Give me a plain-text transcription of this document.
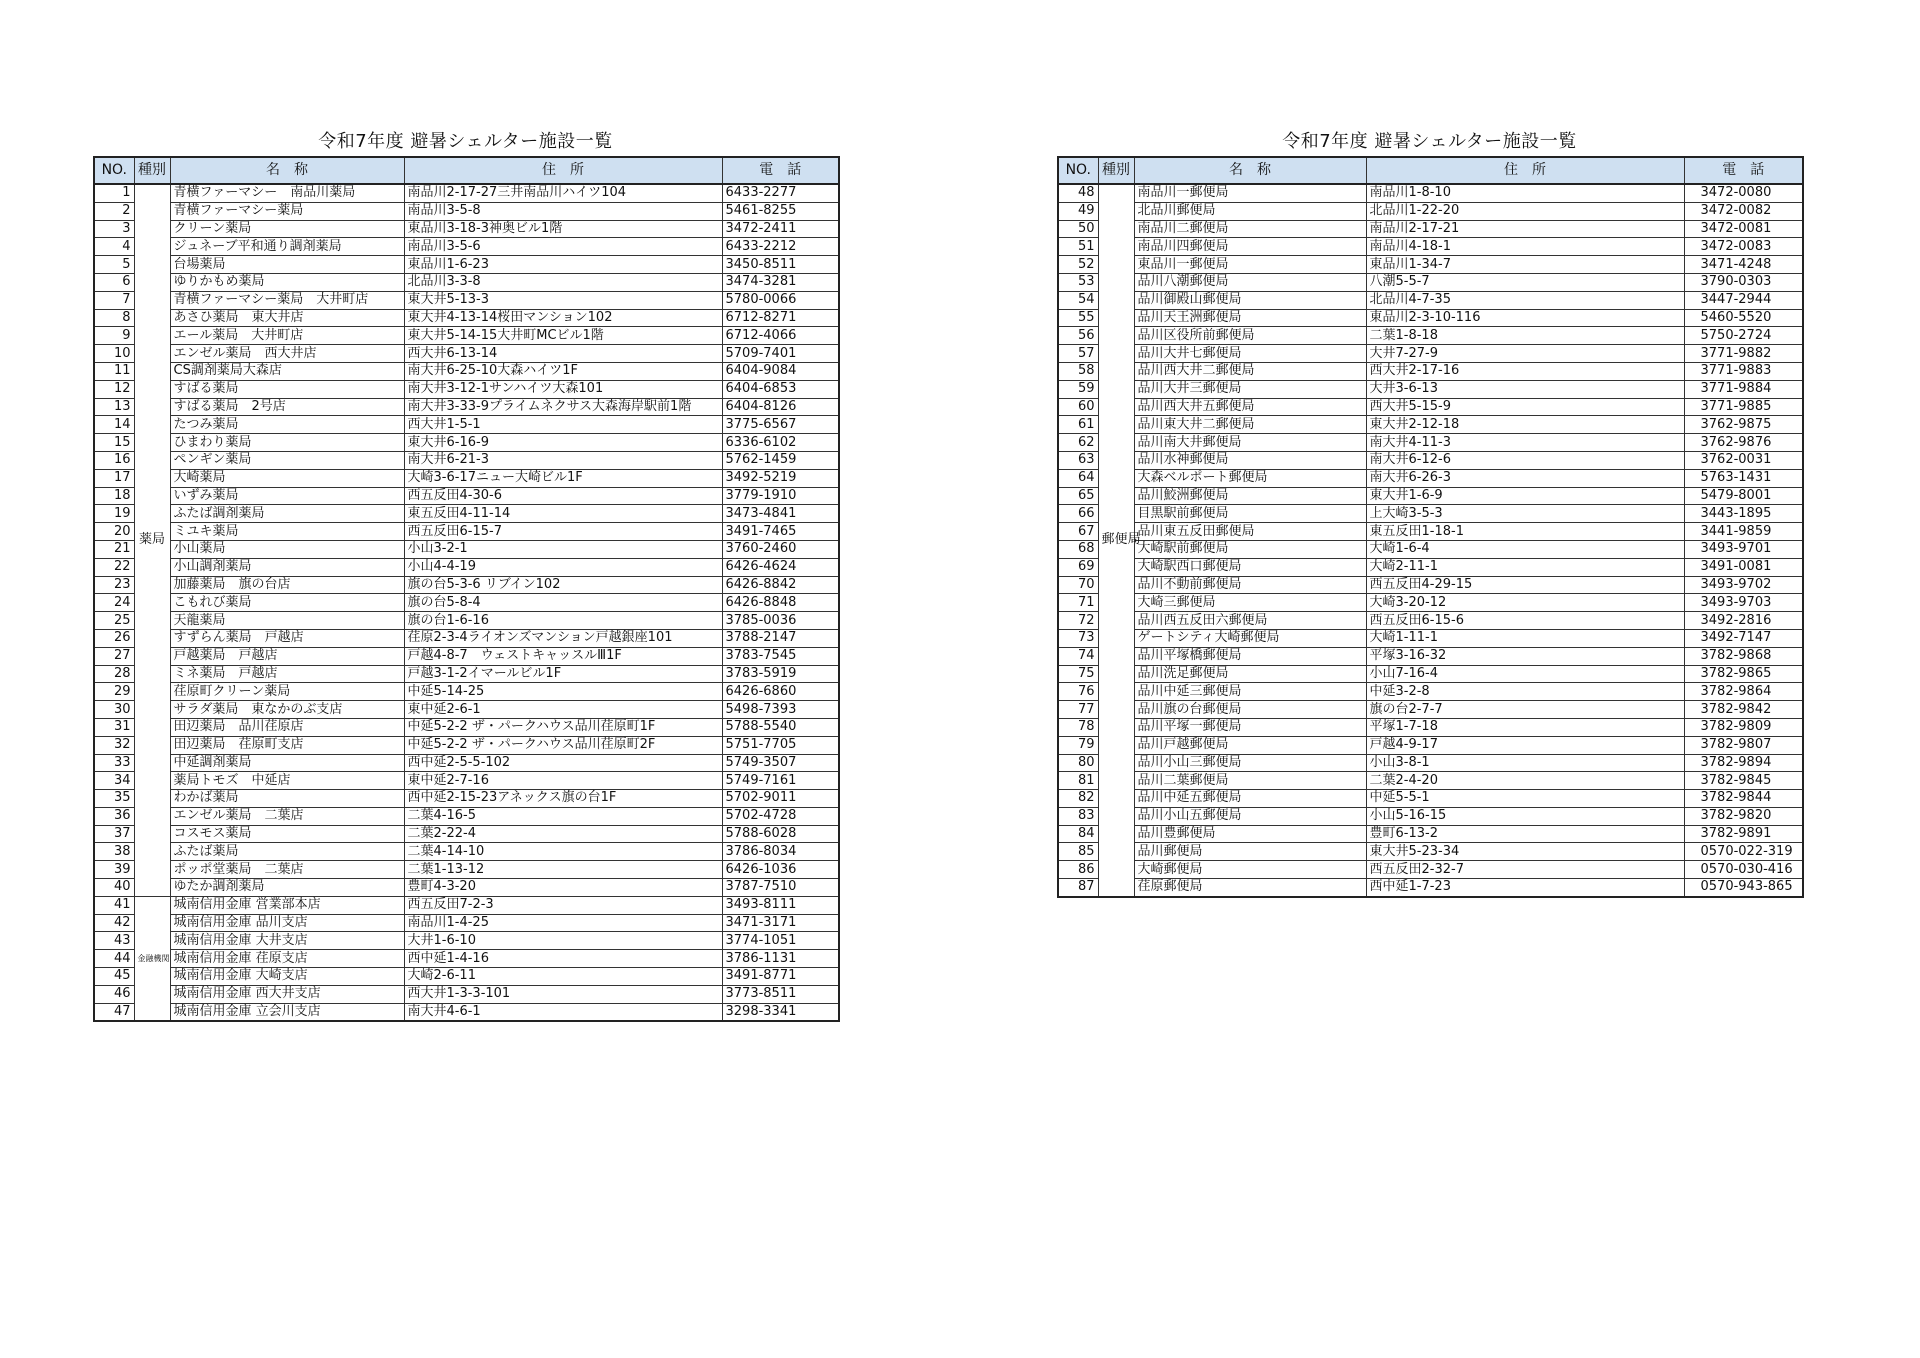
令和7年度 避暑シェルター施設一覧
NO.	種別	名　称	住　所	電　話
1	薬局	青横ファーマシー　南品川薬局	南品川2-17-27三井南品川ハイツ104	6433-2277
2		青横ファーマシー薬局	南品川3-5-8	5461-8255
3		クリーン薬局	東品川3-18-3神奥ビル1階	3472-2411
4		ジュネーブ平和通り調剤薬局	南品川3-5-6	6433-2212
5		台場薬局	東品川1-6-23	3450-8511
6		ゆりかもめ薬局	北品川3-3-8	3474-3281
7		青横ファーマシー薬局　大井町店	東大井5-13-3	5780-0066
8		あさひ薬局　東大井店	東大井4-13-14桜田マンション102	6712-8271
9		エール薬局　大井町店	東大井5-14-15大井町MCビル1階	6712-4066
10		エンゼル薬局　西大井店	西大井6-13-14	5709-7401
11		CS調剤薬局大森店	南大井6-25-10大森ハイツ1F	6404-9084
12		すばる薬局	南大井3-12-1サンハイツ大森101	6404-6853
13		すばる薬局　2号店	南大井3-33-9プライムネクサス大森海岸駅前1階	6404-8126
14		たつみ薬局	西大井1-5-1	3775-6567
15		ひまわり薬局	東大井6-16-9	6336-6102
16		ペンギン薬局	南大井6-21-3	5762-1459
17		大崎薬局	大崎3-6-17ニュー大崎ビル1F	3492-5219
18		いずみ薬局	西五反田4-30-6	3779-1910
19		ふたば調剤薬局	東五反田4-11-14	3473-4841
20		ミユキ薬局	西五反田6-15-7	3491-7465
21		小山薬局	小山3-2-1	3760-2460
22		小山調剤薬局	小山4-4-19	6426-4624
23		加藤薬局　旗の台店	旗の台5-3-6 リブイン102	6426-8842
24		こもれび薬局	旗の台5-8-4	6426-8848
25		天龍薬局	旗の台1-6-16	3785-0036
26		すずらん薬局　戸越店	荏原2-3-4ライオンズマンション戸越銀座101	3788-2147
27		戸越薬局　戸越店	戸越4-8-7　ウェストキャッスルⅢ1F	3783-7545
28		ミネ薬局　戸越店	戸越3-1-2イマールビル1F	3783-5919
29		荏原町クリーン薬局	中延5-14-25	6426-6860
30		サラダ薬局　東なかのぶ支店	東中延2-6-1	5498-7393
31		田辺薬局　品川荏原店	中延5-2-2 ザ・パークハウス品川荏原町1F	5788-5540
32		田辺薬局　荏原町支店	中延5-2-2 ザ・パークハウス品川荏原町2F	5751-7705
33		中延調剤薬局	西中延2-5-5-102	5749-3507
34		薬局トモズ　中延店	東中延2-7-16	5749-7161
35		わかば薬局	西中延2-15-23アネックス旗の台1F	5702-9011
36		エンゼル薬局　二葉店	二葉4-16-5	5702-4728
37		コスモス薬局	二葉2-22-4	5788-6028
38		ふたば薬局	二葉4-14-10	3786-8034
39		ポッポ堂薬局　二葉店	二葉1-13-12	6426-1036
40		ゆたか調剤薬局	豊町4-3-20	3787-7510
41	金融機関	城南信用金庫 営業部本店	西五反田7-2-3	3493-8111
42		城南信用金庫 品川支店	南品川1-4-25	3471-3171
43		城南信用金庫 大井支店	大井1-6-10	3774-1051
44		城南信用金庫 荏原支店	西中延1-4-16	3786-1131
45		城南信用金庫 大崎支店	大崎2-6-11	3491-8771
46		城南信用金庫 西大井支店	西大井1-3-3-101	3773-8511
47		城南信用金庫 立会川支店	南大井4-6-1	3298-3341
令和7年度 避暑シェルター施設一覧
NO.	種別	名　称	住　所	電　話
48	郵便局	南品川一郵便局	南品川1-8-10	3472-0080
49		北品川郵便局	北品川1-22-20	3472-0082
50		南品川二郵便局	南品川2-17-21	3472-0081
51		南品川四郵便局	南品川4-18-1	3472-0083
52		東品川一郵便局	東品川1-34-7	3471-4248
53		品川八潮郵便局	八潮5-5-7	3790-0303
54		品川御殿山郵便局	北品川4-7-35	3447-2944
55		品川天王洲郵便局	東品川2-3-10-116	5460-5520
56		品川区役所前郵便局	二葉1-8-18	5750-2724
57		品川大井七郵便局	大井7-27-9	3771-9882
58		品川西大井二郵便局	西大井2-17-16	3771-9883
59		品川大井三郵便局	大井3-6-13	3771-9884
60		品川西大井五郵便局	西大井5-15-9	3771-9885
61		品川東大井二郵便局	東大井2-12-18	3762-9875
62		品川南大井郵便局	南大井4-11-3	3762-9876
63		品川水神郵便局	南大井6-12-6	3762-0031
64		大森ベルポート郵便局	南大井6-26-3	5763-1431
65		品川鮫洲郵便局	東大井1-6-9	5479-8001
66		目黒駅前郵便局	上大崎3-5-3	3443-1895
67		品川東五反田郵便局	東五反田1-18-1	3441-9859
68		大崎駅前郵便局	大崎1-6-4	3493-9701
69		大崎駅西口郵便局	大崎2-11-1	3491-0081
70		品川不動前郵便局	西五反田4-29-15	3493-9702
71		大崎三郵便局	大崎3-20-12	3493-9703
72		品川西五反田六郵便局	西五反田6-15-6	3492-2816
73		ゲートシティ大崎郵便局	大崎1-11-1	3492-7147
74		品川平塚橋郵便局	平塚3-16-32	3782-9868
75		品川洗足郵便局	小山7-16-4	3782-9865
76		品川中延三郵便局	中延3-2-8	3782-9864
77		品川旗の台郵便局	旗の台2-7-7	3782-9842
78		品川平塚一郵便局	平塚1-7-18	3782-9809
79		品川戸越郵便局	戸越4-9-17	3782-9807
80		品川小山三郵便局	小山3-8-1	3782-9894
81		品川二葉郵便局	二葉2-4-20	3782-9845
82		品川中延五郵便局	中延5-5-1	3782-9844
83		品川小山五郵便局	小山5-16-15	3782-9820
84		品川豊郵便局	豊町6-13-2	3782-9891
85		品川郵便局	東大井5-23-34	0570-022-319
86		大崎郵便局	西五反田2-32-7	0570-030-416
87		荏原郵便局	西中延1-7-23	0570-943-865
